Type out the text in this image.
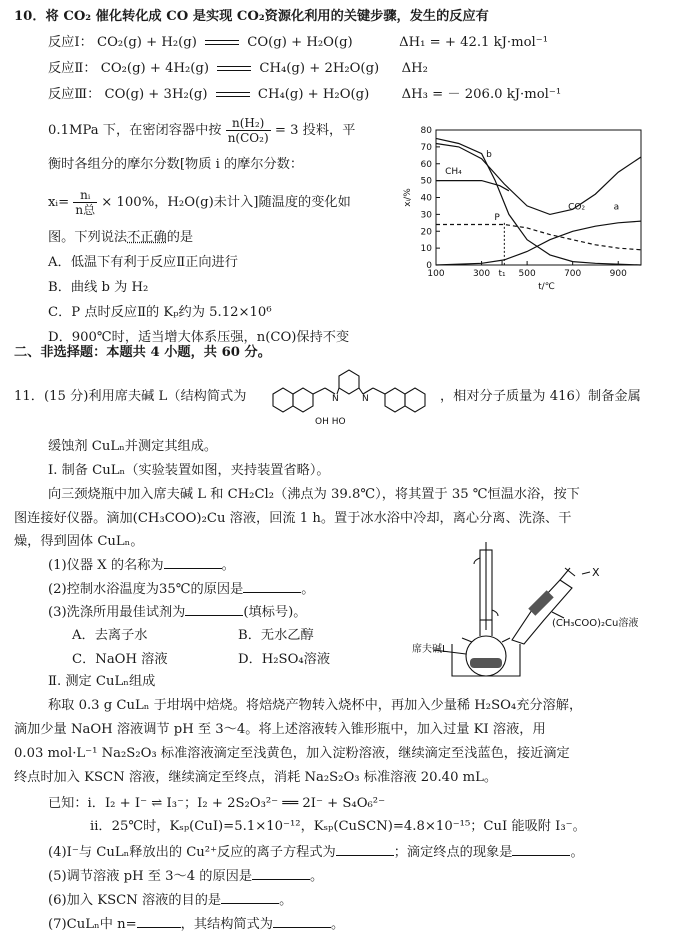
10．将 CO₂ 催化转化成 CO 是实现 CO₂资源化利用的关键步骤，发生的反应有
反应Ⅰ： CO₂(g) + H₂(g)	CO(g) + H₂O(g)	ΔH₁ = + 42.1 kJ·mol⁻¹
反应Ⅱ： CO₂(g) + 4H₂(g)	CH₄(g) + 2H₂O(g) ΔH₂
反应Ⅲ： CO(g) + 3H₂(g)	CH₄(g) + H₂O(g) ΔH₃ = － 206.0 kJ·mol⁻¹
0.1MPa 下，在密闭容器中按 $\frac{\text{n(H₂)}}{\text{n(CO₂)}} = 3$ 投料，平
衡时各组分的摩尔分数[物质 i 的摩尔分数：
xᵢ= $\frac{\text{nᵢ}}{\text{n总}} \times 100\%$，H₂O(g)未计入]随温度的变化如
图。下列说法不正确的是
A．低温下有利于反应Ⅱ正向进行
B．曲线 b 为 H₂
C．P 点时反应Ⅱ的 Kₚ约为 5.12×10⁶
D．900℃时，适当增大体系压强，n(CO)保持不变
0
10
20
30
40
50
60
70
80
100	300 t₁ 500	700	900
t/℃
xᵢ/%
b
CH₄
a
CO₂
P
二、非选择题：本题共 4 小题，共 60 分。
11．(15 分)利用席夫碱 L（结构简式为	N	N
OH HO
，相对分子质量为 416）制备金属
缓蚀剂 CuLₙ并测定其组成。
Ⅰ. 制备 CuLₙ（实验装置如图，夹持装置省略）。
向三颈烧瓶中加入席夫碱 L 和 CH₂Cl₂（沸点为 39.8℃），将其置于 35 ℃恒温水浴，按下
图连接好仪器。滴加(CH₃COO)₂Cu 溶液，回流 1 h。置于冰水浴中冷却，离心分离、洗涤、干
燥，得到固体 CuLₙ。
(1)仪器 X 的名称为	。
(2)控制水浴温度为35℃的原因是	。
(3)洗涤所用最佳试剂为	(填标号)。
A．去离子水	B．无水乙醇
C．NaOH 溶液	D．H₂SO₄溶液
X
(CH₃COO)₂Cu溶液
席夫碱L
Ⅱ. 测定 CuLₙ组成
称取 0.3 g CuLₙ 于坩埚中焙烧。将焙烧产物转入烧杯中，再加入少量稀 H₂SO₄充分溶解，
滴加少量 NaOH 溶液调节 pH 至 3～4。将上述溶液转入锥形瓶中，加入过量 KI 溶液，用
0.03 mol·L⁻¹ Na₂S₂O₃ 标准溶液滴定至浅黄色，加入淀粉溶液，继续滴定至浅蓝色，接近滴定
终点时加入 KSCN 溶液，继续滴定至终点，消耗 Na₂S₂O₃ 标准溶液 20.40 mL。
已知：i．I₂ + I⁻ ⇌ I₃⁻；I₂ + 2S₂O₃²⁻ ══ 2I⁻ + S₄O₆²⁻
ii．25℃时，Kₛₚ(CuI)=5.1×10⁻¹²，Kₛₚ(CuSCN)=4.8×10⁻¹⁵；CuI 能吸附 I₃⁻。
(4)I⁻与 CuLₙ释放出的 Cu²⁺反应的离子方程式为	；滴定终点的现象是	。
(5)调节溶液 pH 至 3～4 的原因是	。
(6)加入 KSCN 溶液的目的是	。
(7)CuLₙ中 n=	，其结构简式为	。
